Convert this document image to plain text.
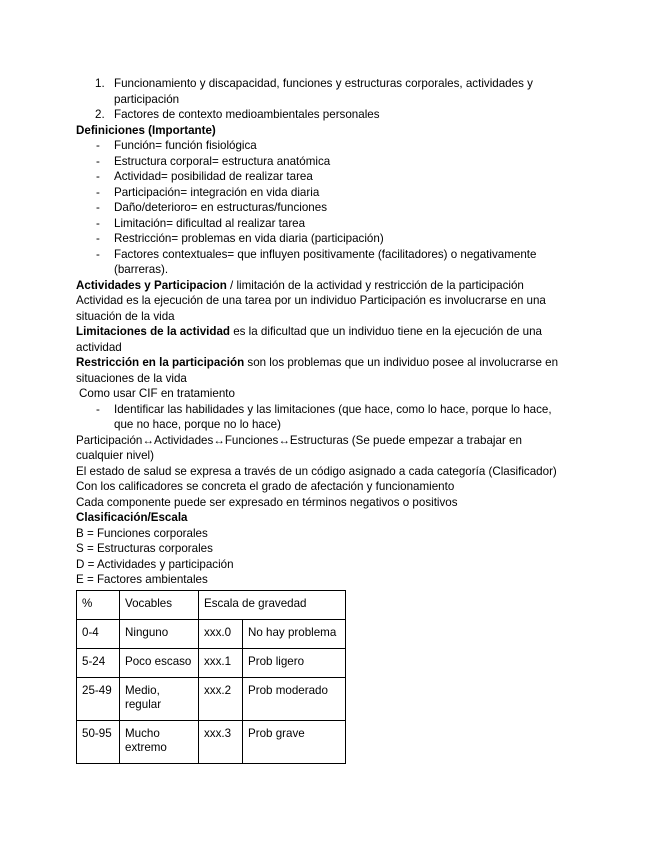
1. Funcionamiento y discapacidad, funciones y estructuras corporales, actividades y
participación
2. Factores de contexto medioambientales personales
Definiciones (Importante)
- Función= función fisiológica
- Estructura corporal= estructura anatómica
- Actividad= posibilidad de realizar tarea
- Participación= integración en vida diaria
- Daño/deterioro= en estructuras/funciones
- Limitación= dificultad al realizar tarea
- Restricción= problemas en vida diaria (participación)
- Factores contextuales= que influyen positivamente (facilitadores) o negativamente
(barreras).
Actividades y Participacion / limitación de la actividad y restricción de la participación
Actividad es la ejecución de una tarea por un individuo Participación es involucrarse en una
situación de la vida
Limitaciones de la actividad es la dificultad que un individuo tiene en la ejecución de una
actividad
Restricción en la participación son los problemas que un individuo posee al involucrarse en
situaciones de la vida
Como usar CIF en tratamiento
- Identificar las habilidades y las limitaciones (que hace, como lo hace, porque lo hace,
que no hace, porque no lo hace)
Participación↔Actividades↔Funciones↔Estructuras (Se puede empezar a trabajar en
cualquier nivel)
El estado de salud se expresa a través de un código asignado a cada categoría (Clasificador)
Con los calificadores se concreta el grado de afectación y funcionamiento
Cada componente puede ser expresado en términos negativos o positivos
Clasificación/Escala
B = Funciones corporales
S = Estructuras corporales
D = Actividades y participación
E = Factores ambientales
%	Vocables	Escala de gravedad	
0-4	Ninguno	xxx.0	No hay problema
5-24	Poco escaso	xxx.1	Prob ligero
25-49	Medio,
regular	xxx.2	Prob moderado
50-95	Mucho
extremo	xxx.3	Prob grave
